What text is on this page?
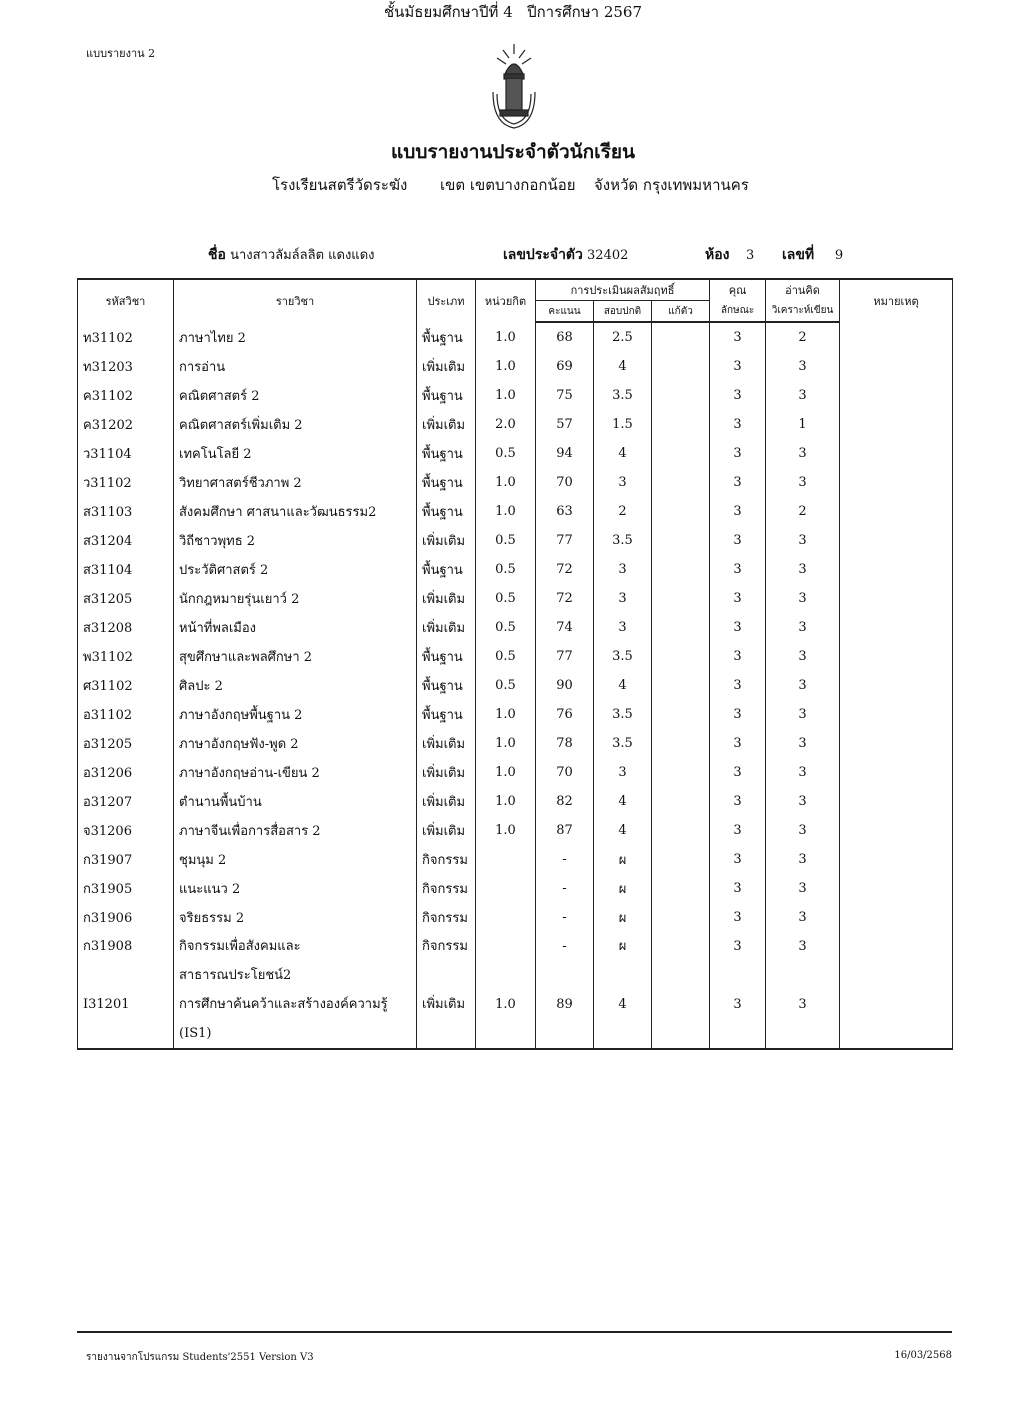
แบบรายงาน 2
แบบรายงานประจำตัวนักเรียน
โรงเรียนสตรีวัดระฆัง เขต เขตบางกอกน้อย จังหวัด กรุงเทพมหานคร
ชั้นมัธยมศึกษาปีที่ 4 ปีการศึกษา 2567
ชื่อ นางสาวลัมล์ลลิต แดงแดง	เลขประจำตัว 32402	ห้อง 3 เลขที่ 9
รหัสวิชา	รายวิชา	ประเภท	หน่วยกิต	การประเมินผลสัมฤทธิ์			คุณ	อ่านคิด	หมายเหตุ
				คะแนน	สอบปกติ	แก้ตัว	ลักษณะ	วิเคราะห์เขียน	
ท31102	ภาษาไทย 2	พื้นฐาน	1.0	68	2.5		3	2	
ท31203	การอ่าน	เพิ่มเติม	1.0	69	4		3	3	
ค31102	คณิตศาสตร์ 2	พื้นฐาน	1.0	75	3.5		3	3	
ค31202	คณิตศาสตร์เพิ่มเติม 2	เพิ่มเติม	2.0	57	1.5		3	1	
ว31104	เทคโนโลยี 2	พื้นฐาน	0.5	94	4		3	3	
ว31102	วิทยาศาสตร์ชีวภาพ 2	พื้นฐาน	1.0	70	3		3	3	
ส31103	สังคมศึกษา ศาสนาและวัฒนธรรม2	พื้นฐาน	1.0	63	2		3	2	
ส31204	วิถีชาวพุทธ 2	เพิ่มเติม	0.5	77	3.5		3	3	
ส31104	ประวัติศาสตร์ 2	พื้นฐาน	0.5	72	3		3	3	
ส31205	นักกฎหมายรุ่นเยาว์ 2	เพิ่มเติม	0.5	72	3		3	3	
ส31208	หน้าที่พลเมือง	เพิ่มเติม	0.5	74	3		3	3	
พ31102	สุขศึกษาและพลศึกษา 2	พื้นฐาน	0.5	77	3.5		3	3	
ศ31102	ศิลปะ 2	พื้นฐาน	0.5	90	4		3	3	
อ31102	ภาษาอังกฤษพื้นฐาน 2	พื้นฐาน	1.0	76	3.5		3	3	
อ31205	ภาษาอังกฤษฟัง-พูด 2	เพิ่มเติม	1.0	78	3.5		3	3	
อ31206	ภาษาอังกฤษอ่าน-เขียน 2	เพิ่มเติม	1.0	70	3		3	3	
อ31207	ตำนานพื้นบ้าน	เพิ่มเติม	1.0	82	4		3	3	
จ31206	ภาษาจีนเพื่อการสื่อสาร 2	เพิ่มเติม	1.0	87	4		3	3	
ก31907	ชุมนุม 2	กิจกรรม		-	ผ		3	3	
ก31905	แนะแนว 2	กิจกรรม		-	ผ		3	3	
ก31906	จริยธรรม 2	กิจกรรม		-	ผ		3	3	
ก31908	กิจกรรมเพื่อสังคมและสาธารณประโยชน์2	กิจกรรม		-	ผ		3	3	
I31201	การศึกษาค้นคว้าและสร้างองค์ความรู้ (IS1)	เพิ่มเติม	1.0	89	4		3	3	
รายงานจากโปรแกรม Students'2551 Version V3	16/03/2568
